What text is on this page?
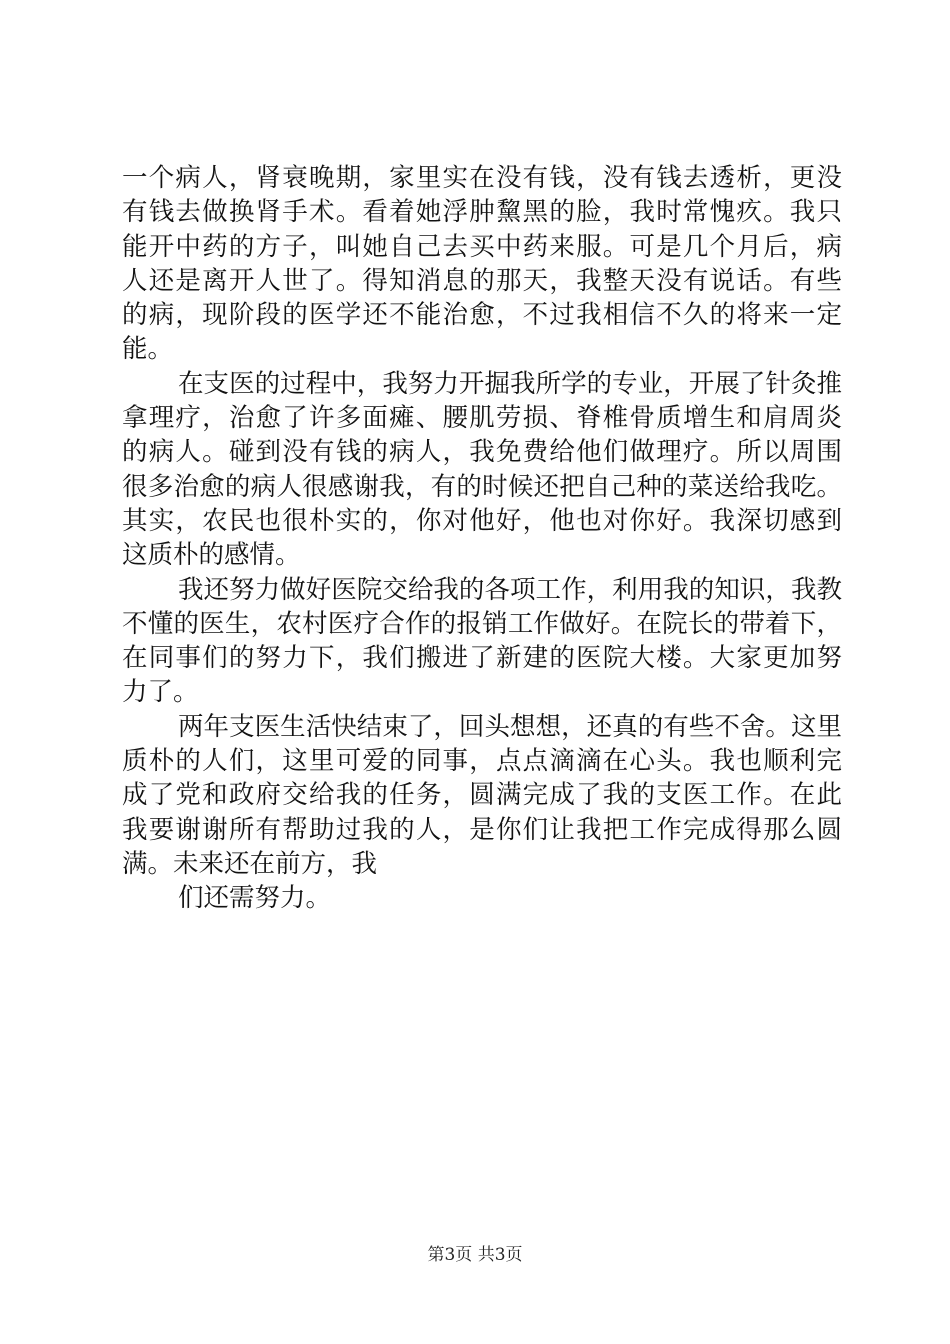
一个病人，肾衰晚期，家里实在没有钱，没有钱去透析，更没
有钱去做换肾手术。看着她浮肿黧黑的脸，我时常愧疚。我只
能开中药的方子，叫她自己去买中药来服。可是几个月后，病
人还是离开人世了。得知消息的那天，我整天没有说话。有些
的病，现阶段的医学还不能治愈，不过我相信不久的将来一定
能。
在支医的过程中，我努力开掘我所学的专业，开展了针灸推
拿理疗，治愈了许多面瘫、腰肌劳损、脊椎骨质增生和肩周炎
的病人。碰到没有钱的病人，我免费给他们做理疗。所以周围
很多治愈的病人很感谢我，有的时候还把自己种的菜送给我吃。
其实，农民也很朴实的，你对他好，他也对你好。我深切感到
这质朴的感情。
我还努力做好医院交给我的各项工作，利用我的知识，我教
不懂的医生，农村医疗合作的报销工作做好。在院长的带着下，
在同事们的努力下，我们搬进了新建的医院大楼。大家更加努
力了。
两年支医生活快结束了，回头想想，还真的有些不舍。这里
质朴的人们，这里可爱的同事，点点滴滴在心头。我也顺利完
成了党和政府交给我的任务，圆满完成了我的支医工作。在此
我要谢谢所有帮助过我的人，是你们让我把工作完成得那么圆
满。未来还在前方，我
们还需努力。
第3页 共3页
